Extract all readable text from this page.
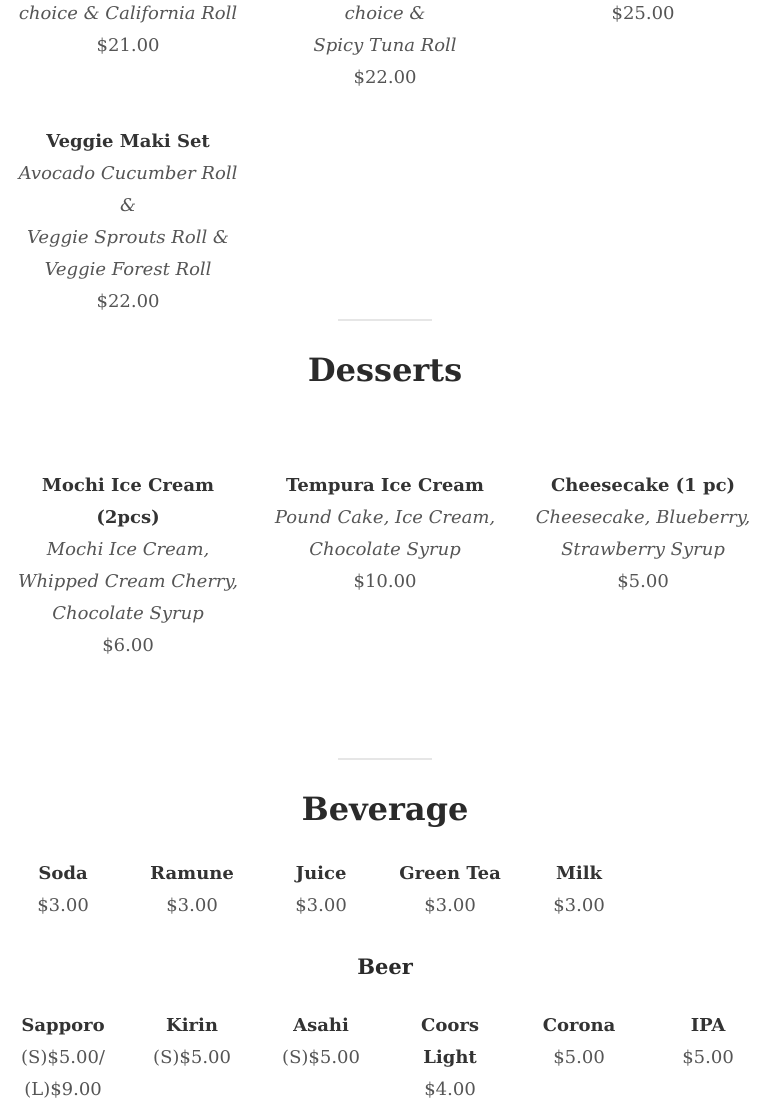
choice & California Roll
$21.00
choice &
Spicy Tuna Roll
$22.00
$25.00
Veggie Maki Set
Avocado Cucumber Roll &
Veggie Sprouts Roll &
Veggie Forest Roll
$22.00
Desserts
Mochi Ice Cream (2pcs)
Mochi Ice Cream,
Whipped Cream Cherry,
Chocolate Syrup
$6.00
Tempura Ice Cream
Pound Cake, Ice Cream,
Chocolate Syrup
$10.00
Cheesecake (1 pc)
Cheesecake, Blueberry,
Strawberry Syrup
$5.00
Beverage
Soda
$3.00
Ramune
$3.00
Juice
$3.00
Green Tea
$3.00
Milk
$3.00
Beer
Sapporo
(S)$5.00/
(L)$9.00
Kirin
(S)$5.00
Asahi
(S)$5.00
Coors
Light
$4.00
Corona
$5.00
IPA
$5.00
